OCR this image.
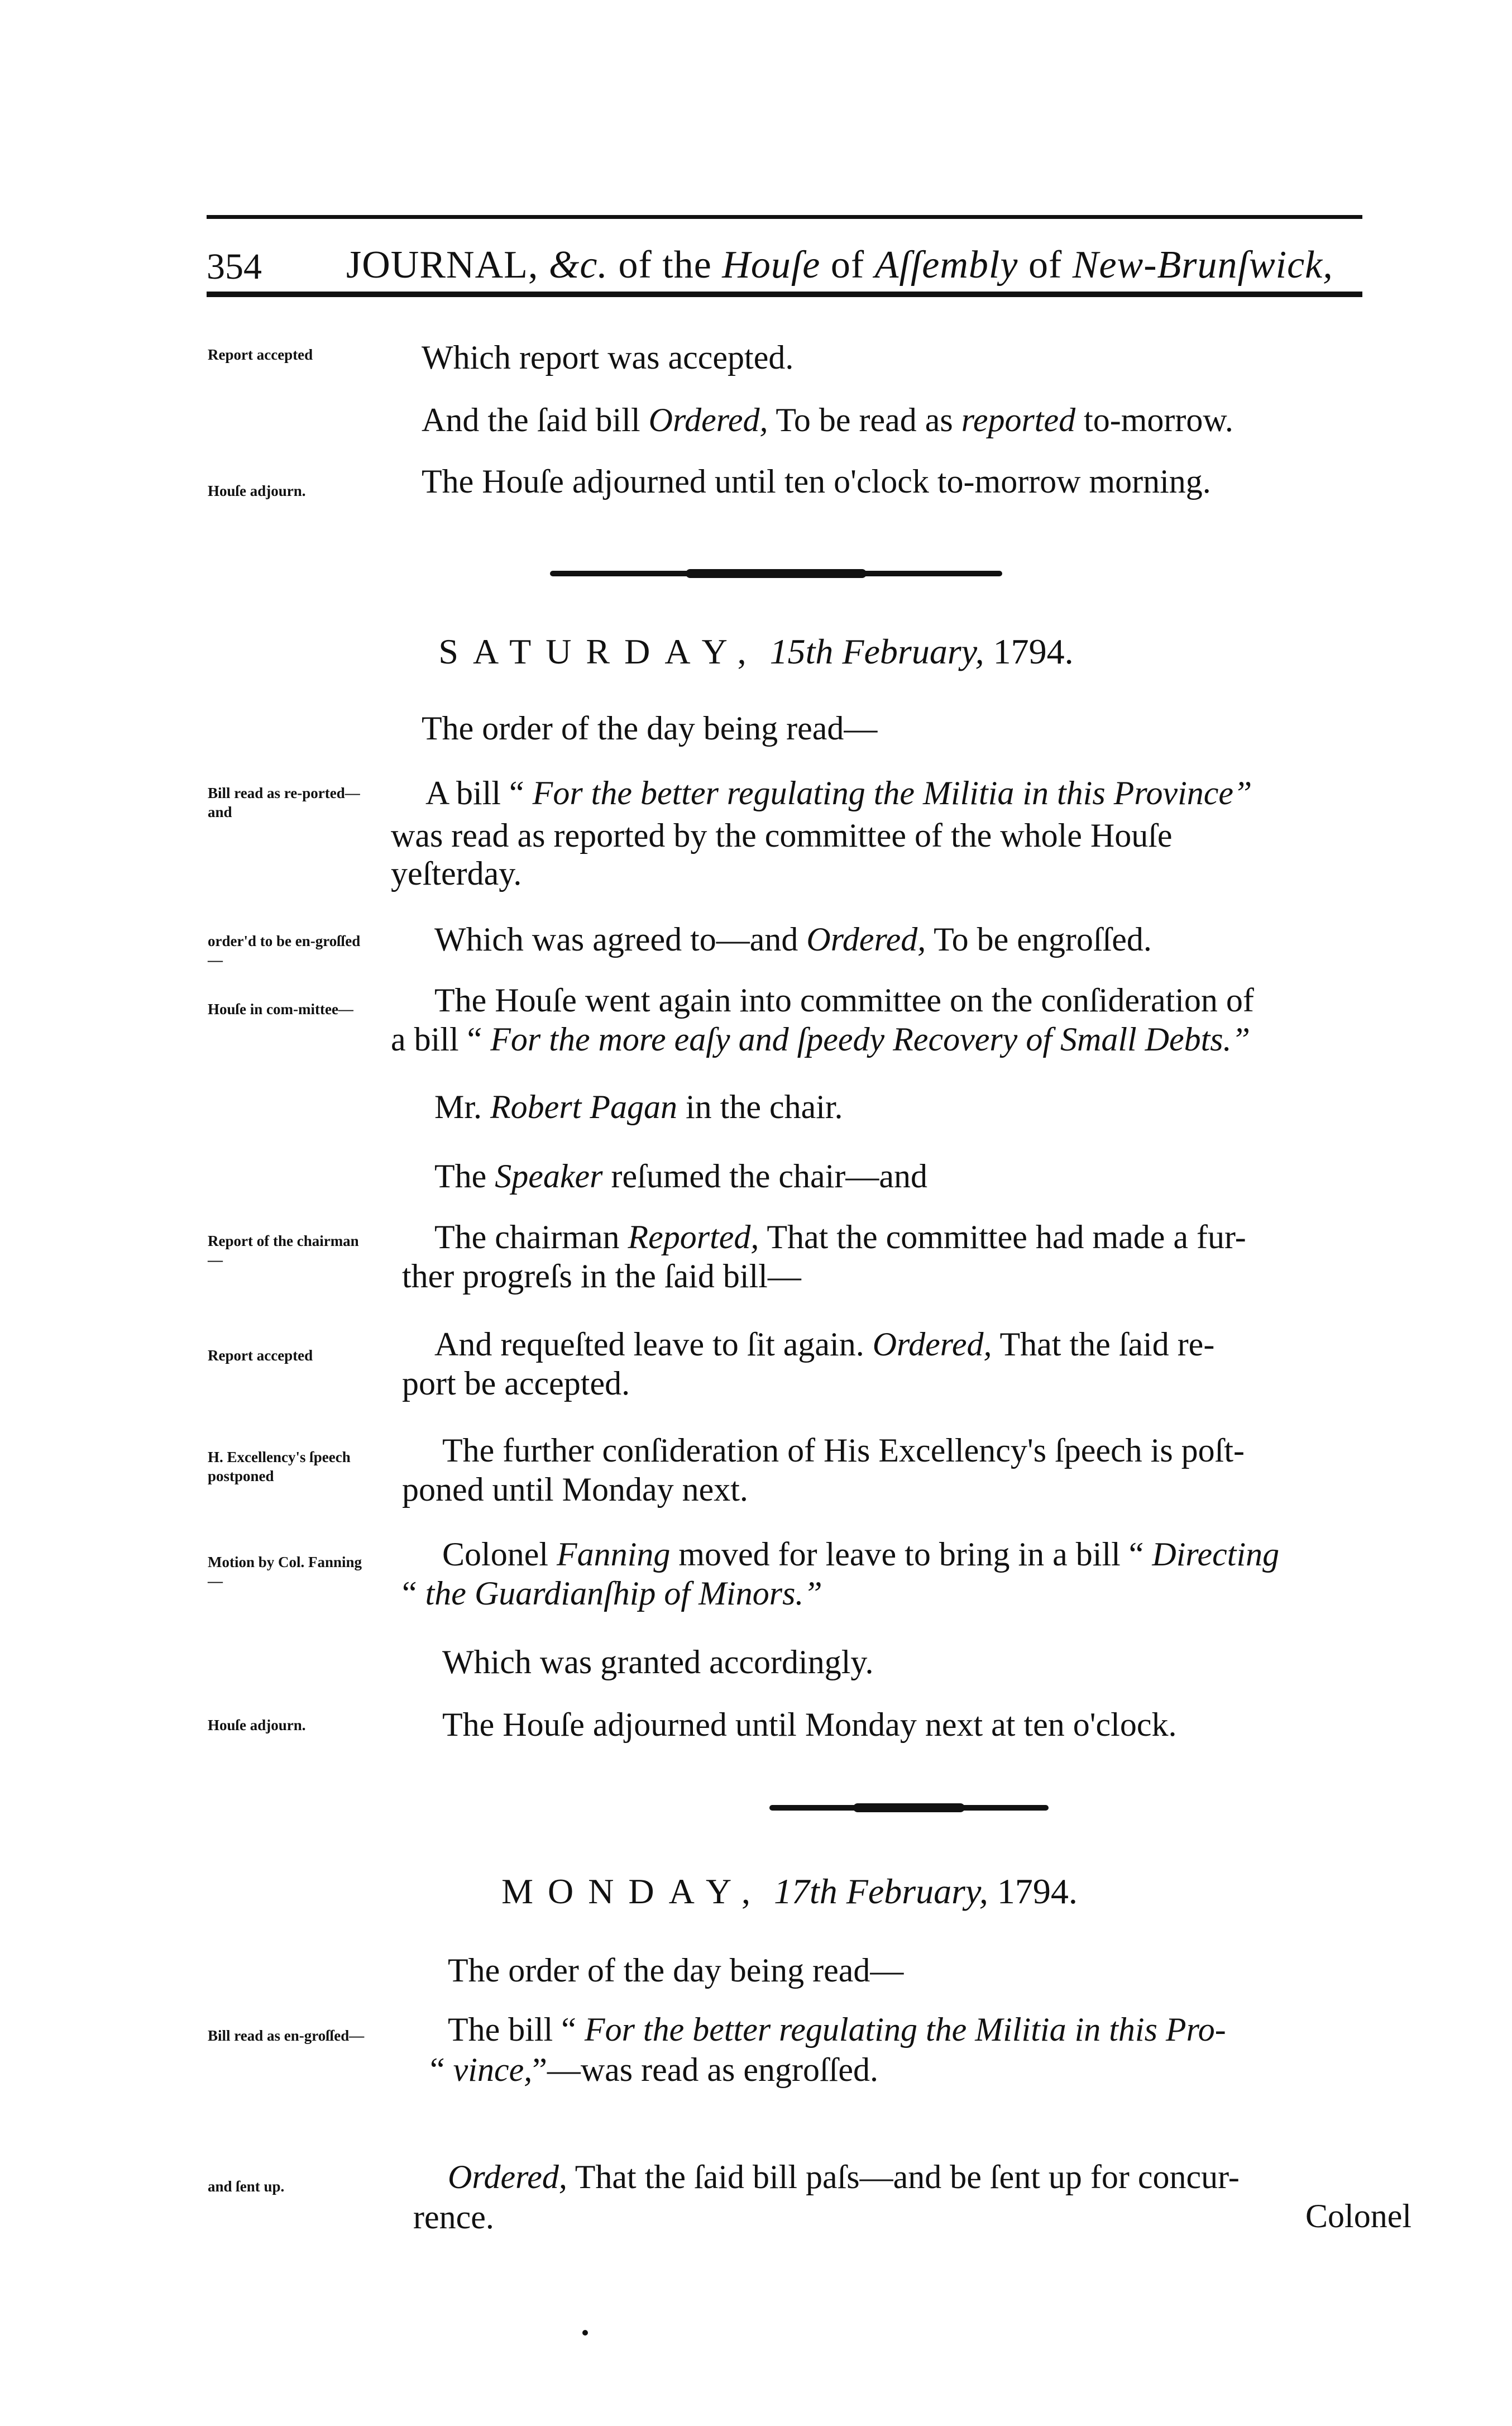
354 JOURNAL, &c. of the Houſe of Aſſembly of New-Brunſwick,
Report accepted	Which report was accepted.
And the ſaid bill Ordered, To be read as reported to-morrow.
Houſe adjourn.	The Houſe adjourned until ten o'clock to-morrow morning.
SATURDAY, 15th February, 1794.
The order of the day being read—
Bill read as re-ported—and
A bill “ For the better regulating the Militia in this Province”
was read as reported by the committee of the whole Houſe
yeſterday.
order'd to be en-groſſed—
Which was agreed to—and Ordered, To be engroſſed.
Houſe in com-mittee—	The Houſe went again into committee on the conſideration of
a bill “ For the more eaſy and ſpeedy Recovery of Small Debts.”
Mr. Robert Pagan in the chair.
The Speaker reſumed the chair—and
Report of the chairman—
The chairman Reported, That the committee had made a fur-
ther progreſs in the ſaid bill—
Report accepted	And requeſted leave to ſit again. Ordered, That the ſaid re-
port be accepted.
H. Excellency's ſpeech postponed
The further conſideration of His Excellency's ſpeech is poſt-
poned until Monday next.
Motion by Col. Fanning—
Colonel Fanning moved for leave to bring in a bill “ Directing
“ the Guardianſhip of Minors.”
Which was granted accordingly.
Houſe adjourn.	The Houſe adjourned until Monday next at ten o'clock.
MONDAY, 17th February, 1794.
The order of the day being read—
Bill read as en-groſſed—	The bill “ For the better regulating the Militia in this Pro-
“ vince,”—was read as engroſſed.
and ſent up.	Ordered, That the ſaid bill paſs—and be ſent up for concur-
rence.	Colonel
